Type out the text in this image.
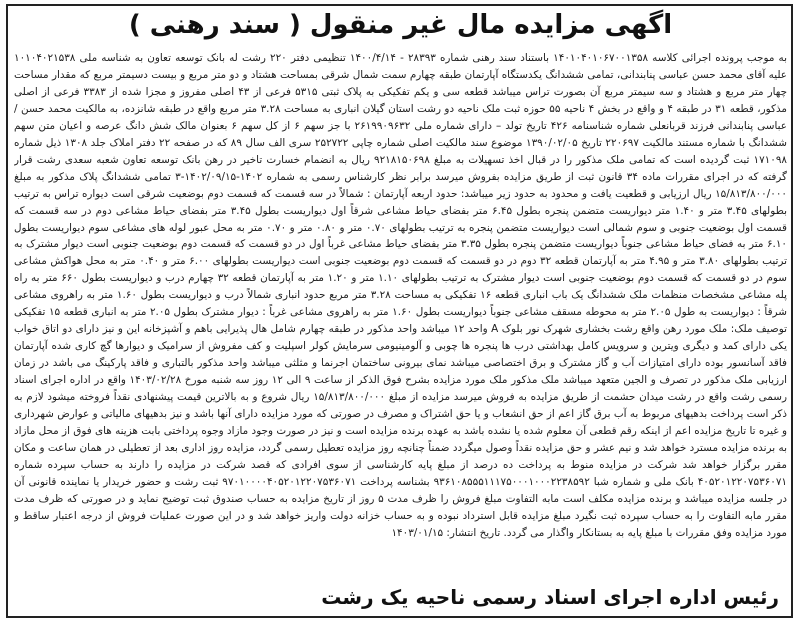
اگهی مزایده مال غیر منقول ( سند رهنی )
به موجب پرونده اجرائی کلاسه ۱۴۰۱۰۴۰۱۰۶۷۰۰۱۳۵۸ باستناد سند رهنی شماره ۲۸۳۹۳ - ۱۴۰۰/۴/۱۴ تنظیمی دفتر ۲۲۰ رشت له بانک توسعه تعاون به شناسه ملی ۱۰۱۰۴۰۲۱۵۳۸ علیه آقای محمد حسن عباسی پنابندانی، تمامی ششدانگ یکدستگاه آپارتمان طبقه چهارم سمت شمال شرقی بمساحت هشتاد و دو متر مربع و بیست دسیمتر مربع که مقدار مساحت چهار متر مربع و هشتاد و سه سیمتر مربع آن بصورت تراس میباشد قطعه سی و یکم تفکیکی به پلاک ثبتی ۵۳۱۵ فرعی از ۴۳ اصلی مفروز و مجزا شده از ۳۳۸۳ فرعی از اصلی مذکور، قطعه ۳۱ در طبقه ۴ و واقع در بخش ۴ ناحیه ۵۵ حوزه ثبت ملک ناحیه دو رشت استان گیلان انباری به مساحت ۳.۲۸ متر مربع واقع در طبقه شانزده، به مالکیت محمد حسن / عباسی پنابندانی فرزند قربانعلی شماره شناسنامه ۴۲۶ تاریخ تولد – دارای شماره ملی ۲۶۱۹۹۰۹۶۳۲ با جز سهم ۶ از کل سهم ۶ بعنوان مالک شش دانگ عرصه و اعیان متن سهم ششدانگ با شماره مستند مالکیت ۲۲۰۶۹۷ تاریخ ۱۳۹۰/۰۲/۰۵ موضوع سند مالکیت اصلی شماره چاپی ۲۵۲۷۲۲ سری الف سال ۸۹ که در صفحه ۲۲ دفتر املاک جلد ۱۳۰۸ ذیل شماره ۱۷۱۰۹۸ ثبت گردیده است که تمامی ملک مذکور را در قبال اخذ تسهیلات به مبلغ ۹۲۱۸۱۵۰۶۹۸ ریال به انضمام خسارت تاخیر در رهن بانک توسعه تعاون شعبه سعدی رشت قرار گرفته که در اجرای مقررات ماده ۳۴ قانون ثبت از طریق مزایده بفروش میرسد برابر نظر کارشناس رسمی به شماره ۱۴۰۲-۱۴۰۲/۰۹/۱۵-۳ تمامی ششدانگ پلاک مذکور به مبلغ ۱۵/۸۱۳/۸۰۰/۰۰۰ ریال ارزیابی و قطعیت یافت و محدود به حدود زیر میباشد: حدود اربعه آپارتمان : شمالاً در سه قسمت که قسمت دوم بوضعیت شرقی است دیواره تراس به ترتیب بطولهای ۳.۴۵ متر و ۱.۴۰ متر دیواریست متضمن پنجره بطول ۶.۴۵ متر بفضای حیاط مشاعی شرقاً اول دیواریست بطول ۳.۴۵ متر بفضای حیاط مشاعی دوم در سه قسمت که قسمت اول بوضعیت جنوبی و سوم شمالی است دیواریست متضمن پنجره به ترتیب بطولهای ۰.۷۰ متر و ۰.۸۰ متر و ۰.۷۰ متر به محل عبور لوله های مشاعی سوم دیواریست بطول ۶.۱۰ متر به فضای حیاط مشاعی جنوباً دیواریست متضمن پنجره بطول ۳.۳۵ متر بفضای حیاط مشاعی غرباً اول در دو قسمت که قسمت دوم بوضعیت جنوبی است دیوار مشترک به ترتیب بطولهای ۳.۸۰ متر و ۴.۹۵ متر به آپارتمان قطعه ۳۲ دوم در دو قسمت که قسمت دوم بوضعیت جنوبی است دیواریست بطولهای ۶.۰۰ متر و ۰.۴۰ متر به محل هواکش مشاعی سوم در دو قسمت که قسمت دوم بوضعیت جنوبی است دیوار مشترک به ترتیب بطولهای ۱.۱۰ متر و ۱.۲۰ متر به آپارتمان قطعه ۳۲ چهارم درب و دیواریست بطول ۶۶۰ متر به راه پله مشاعی مشخصات منظمات ملک ششدانگ یک باب انباری قطعه ۱۶ تفکیکی به مساحت ۳.۲۸ متر مربع حدود انباری شمالاً درب و دیواریست بطول ۱.۶۰ متر به راهروی مشاعی شرقاً : دیواریست به طول ۲.۰۵ متر به محوطه مسقف مشاعی جنوباً دیواریست بطول ۱.۶۰ متر به راهروی مشاعی غرباً : دیوار مشترک بطول ۲.۰۵ متر به انباری قطعه ۱۵ تفکیکی توصیف ملک: ملک مورد رهن واقع رشت بخشاری شهرک نور بلوک A واحد ۱۲ میباشد واحد مذکور در طبقه چهارم شامل هال پذیرایی باهم و آشپزخانه این و نیز دارای دو اتاق خواب یکی دارای کمد و دیگری ویترین و سرویس کامل بهداشتی درب ها پنجره ها چوبی و آلومینیومی سرمایش کولر اسپلیت و کف مفروش از سرامیک و دیوارها گچ کاری شده آپارتمان فاقد آسانسور بوده دارای امتیازات آب و گاز مشترک و برق اختصاصی میباشد نمای بیرونی ساختمان اجرنما و مثلثی میباشد واحد مذکور بالتباری و فاقد پارکینگ می باشد در زمان ارزیابی ملک مذکور در تصرف و الجین متعهد میباشد ملک مذکور ملک مورد مزایده بشرح فوق الذکر از ساعت ۹ الی ۱۲ روز سه شنبه مورخ ۱۴۰۳/۰۲/۲۸ واقع در اداره اجرای اسناد رسمی رشت واقع در رشت میدان حشمت از طریق مزایده به فروش میرسد مزایده از مبلغ ۱۵/۸۱۳/۸۰۰/۰۰۰ ریال شروع و به بالاترین قیمت پیشنهادی نقداً فروخته میشود لازم به ذکر است پرداخت بدهیهای مربوط به آب برق گاز اعم از حق انشعاب و یا حق اشتراک و مصرف در صورتی که مورد مزایده دارای آنها باشد و نیز بدهیهای مالیاتی و عوارض شهرداری و غیره تا تاریخ مزایده اعم از اینکه رقم قطعی آن معلوم شده یا نشده باشد به عهده برنده مزایده است و نیز در صورت وجود مازاد وجوه پرداختی بابت هزینه های فوق از محل مازاد به برنده مزایده مسترد خواهد شد و نیم عشر و حق مزایده نقداً وصول میگردد ضمناً چنانچه روز مزایده تعطیل رسمی گردد، مزایده روز اداری بعد از تعطیلی در همان ساعت و مکان مقرر برگزار خواهد شد شرکت در مزایده منوط به پرداخت ده درصد از مبلغ پایه کارشناسی از سوی افرادی که قصد شرکت در مزایده را دارند به حساب سپرده شماره ۴۰۵۲۰۱۲۲۰۷۵۳۶۰۷۱ بانک ملی و شماره شبا ۹۳۶۱۰۸۵۵۵۱۱۱۷۵۰۰۰۱۰۰۰۲۲۳۸۵۹۲ بشناسه پرداخت ۹۷۰۱۰۰۰۰۴۰۵۲۰۱۲۲۰۷۵۳۶۰۷۱ ثبت رشت و حضور خریدار یا نماینده قانونی آن در جلسه مزایده میباشد و برنده مزایده مکلف است مابه التفاوت مبلغ فروش را ظرف مدت ۵ روز از تاریخ مزایده به حساب صندوق ثبت توضیح نماید و در صورتی که ظرف مدت مقرر مابه التفاوت را به حساب سپرده ثبت نگیرد مبلغ مزایده قابل استرداد نبوده و به حساب خزانه دولت واریز خواهد شد و در این صورت عملیات فروش از درجه اعتبار ساقط و مورد مزایده وفق مقررات با مبلغ پایه به بستانکار واگذار می گردد. تاریخ انتشار: ۱۴۰۳/۰۱/۱۵
رئیس اداره اجرای اسناد رسمی ناحیه یک رشت
